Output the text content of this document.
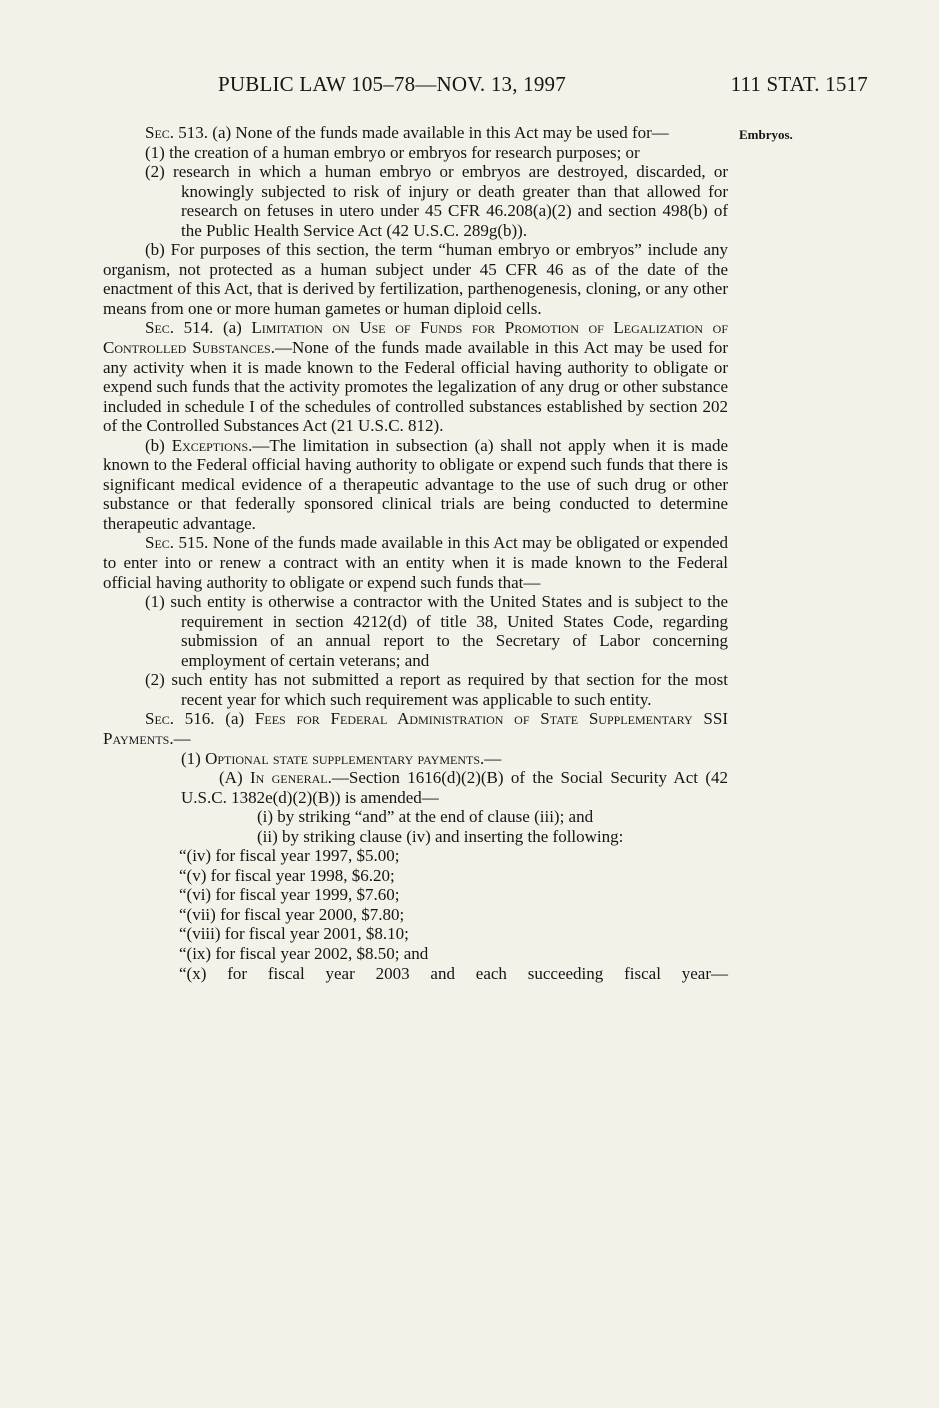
PUBLIC LAW 105–78—NOV. 13, 1997	111 STAT. 1517
Embryos.

Sec. 513. (a) None of the funds made available in this Act may be used for—

(1) the creation of a human embryo or embryos for research purposes; or

(2) research in which a human embryo or embryos are destroyed, discarded, or knowingly subjected to risk of injury or death greater than that allowed for research on fetuses in utero under 45 CFR 46.208(a)(2) and section 498(b) of the Public Health Service Act (42 U.S.C. 289g(b)).

(b) For purposes of this section, the term “human embryo or embryos” include any organism, not protected as a human subject under 45 CFR 46 as of the date of the enactment of this Act, that is derived by fertilization, parthenogenesis, cloning, or any other means from one or more human gametes or human diploid cells.

Sec. 514. (a) Limitation on Use of Funds for Promotion of Legalization of Controlled Substances.—None of the funds made available in this Act may be used for any activity when it is made known to the Federal official having authority to obligate or expend such funds that the activity promotes the legalization of any drug or other substance included in schedule I of the schedules of controlled substances established by section 202 of the Controlled Substances Act (21 U.S.C. 812).

(b) Exceptions.—The limitation in subsection (a) shall not apply when it is made known to the Federal official having authority to obligate or expend such funds that there is significant medical evidence of a therapeutic advantage to the use of such drug or other substance or that federally sponsored clinical trials are being conducted to determine therapeutic advantage.

Sec. 515. None of the funds made available in this Act may be obligated or expended to enter into or renew a contract with an entity when it is made known to the Federal official having authority to obligate or expend such funds that—

(1) such entity is otherwise a contractor with the United States and is subject to the requirement in section 4212(d) of title 38, United States Code, regarding submission of an annual report to the Secretary of Labor concerning employment of certain veterans; and

(2) such entity has not submitted a report as required by that section for the most recent year for which such requirement was applicable to such entity.

Sec. 516. (a) Fees for Federal Administration of State Supplementary SSI Payments.—

(1) Optional state supplementary payments.—

(A) In general.—Section 1616(d)(2)(B) of the Social Security Act (42 U.S.C. 1382e(d)(2)(B)) is amended—

(i) by striking “and” at the end of clause (iii); and

(ii) by striking clause (iv) and inserting the following:

“(iv) for fiscal year 1997, $5.00;

“(v) for fiscal year 1998, $6.20;

“(vi) for fiscal year 1999, $7.60;

“(vii) for fiscal year 2000, $7.80;

“(viii) for fiscal year 2001, $8.10;

“(ix) for fiscal year 2002, $8.50; and

“(x) for fiscal year 2003 and each succeeding fiscal year—
